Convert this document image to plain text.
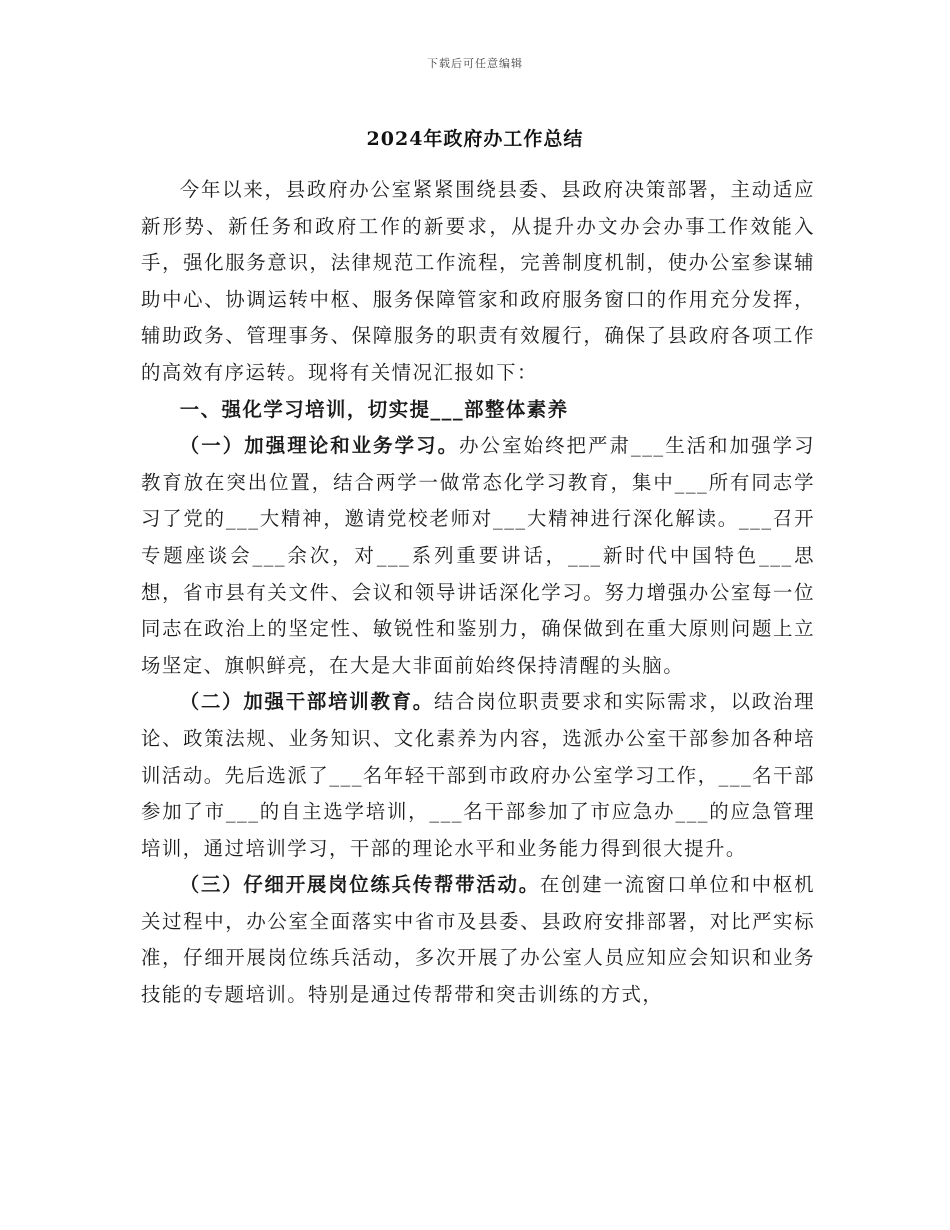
下载后可任意编辑
2024年政府办工作总结

今年以来，县政府办公室紧紧围绕县委、县政府决策部署，主动适应新形势、新任务和政府工作的新要求，从提升办文办会办事工作效能入手，强化服务意识，法律规范工作流程，完善制度机制，使办公室参谋辅助中心、协调运转中枢、服务保障管家和政府服务窗口的作用充分发挥，辅助政务、管理事务、保障服务的职责有效履行，确保了县政府各项工作的高效有序运转。现将有关情况汇报如下：

一、强化学习培训，切实提___部整体素养

（一）加强理论和业务学习。办公室始终把严肃___生活和加强学习教育放在突出位置，结合两学一做常态化学习教育，集中___所有同志学习了党的___大精神，邀请党校老师对___大精神进行深化解读。___召开专题座谈会___余次，对___系列重要讲话，___新时代中国特色___思想，省市县有关文件、会议和领导讲话深化学习。努力增强办公室每一位同志在政治上的坚定性、敏锐性和鉴别力，确保做到在重大原则问题上立场坚定、旗帜鲜亮，在大是大非面前始终保持清醒的头脑。

（二）加强干部培训教育。结合岗位职责要求和实际需求，以政治理论、政策法规、业务知识、文化素养为内容，选派办公室干部参加各种培训活动。先后选派了___名年轻干部到市政府办公室学习工作，___名干部参加了市___的自主选学培训，___名干部参加了市应急办___的应急管理培训，通过培训学习，干部的理论水平和业务能力得到很大提升。

（三）仔细开展岗位练兵传帮带活动。在创建一流窗口单位和中枢机关过程中，办公室全面落实中省市及县委、县政府安排部署，对比严实标准，仔细开展岗位练兵活动，多次开展了办公室人员应知应会知识和业务技能的专题培训。特别是通过传帮带和突击训练的方式，
